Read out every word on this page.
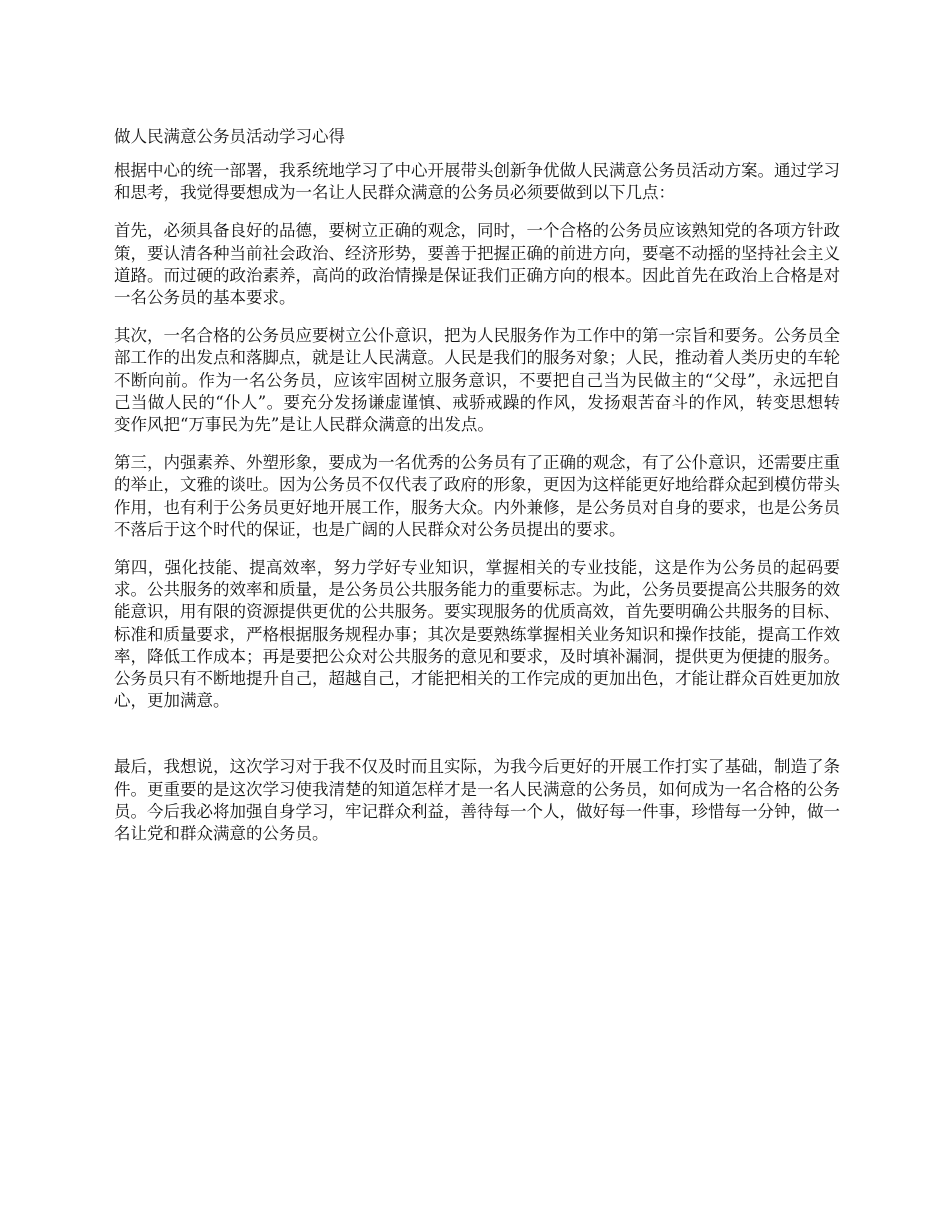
做人民满意公务员活动学习心得

根据中心的统一部署，我系统地学习了中心开展带头创新争优做人民满意公务员活动方案。通过学习和思考，我觉得要想成为一名让人民群众满意的公务员必须要做到以下几点：

首先，必须具备良好的品德，要树立正确的观念，同时，一个合格的公务员应该熟知党的各项方针政策，要认清各种当前社会政治、经济形势，要善于把握正确的前进方向，要毫不动摇的坚持社会主义道路。而过硬的政治素养，高尚的政治情操是保证我们正确方向的根本。因此首先在政治上合格是对一名公务员的基本要求。

其次，一名合格的公务员应要树立公仆意识，把为人民服务作为工作中的第一宗旨和要务。公务员全部工作的出发点和落脚点，就是让人民满意。人民是我们的服务对象；人民，推动着人类历史的车轮不断向前。作为一名公务员，应该牢固树立服务意识，不要把自己当为民做主的“父母”，永远把自己当做人民的“仆人”。要充分发扬谦虚谨慎、戒骄戒躁的作风，发扬艰苦奋斗的作风，转变思想转变作风把“万事民为先”是让人民群众满意的出发点。

第三，内强素养、外塑形象，要成为一名优秀的公务员有了正确的观念，有了公仆意识，还需要庄重的举止，文雅的谈吐。因为公务员不仅代表了政府的形象，更因为这样能更好地给群众起到模仿带头作用，也有利于公务员更好地开展工作，服务大众。内外兼修，是公务员对自身的要求，也是公务员不落后于这个时代的保证，也是广阔的人民群众对公务员提出的要求。

第四，强化技能、提高效率，努力学好专业知识，掌握相关的专业技能，这是作为公务员的起码要求。公共服务的效率和质量，是公务员公共服务能力的重要标志。为此，公务员要提高公共服务的效能意识，用有限的资源提供更优的公共服务。要实现服务的优质高效，首先要明确公共服务的目标、标准和质量要求，严格根据服务规程办事；其次是要熟练掌握相关业务知识和操作技能，提高工作效率，降低工作成本；再是要把公众对公共服务的意见和要求，及时填补漏洞，提供更为便捷的服务。公务员只有不断地提升自己，超越自己，才能把相关的工作完成的更加出色，才能让群众百姓更加放心，更加满意。

最后，我想说，这次学习对于我不仅及时而且实际，为我今后更好的开展工作打实了基础，制造了条件。更重要的是这次学习使我清楚的知道怎样才是一名人民满意的公务员，如何成为一名合格的公务员。今后我必将加强自身学习，牢记群众利益，善待每一个人，做好每一件事，珍惜每一分钟，做一名让党和群众满意的公务员。
